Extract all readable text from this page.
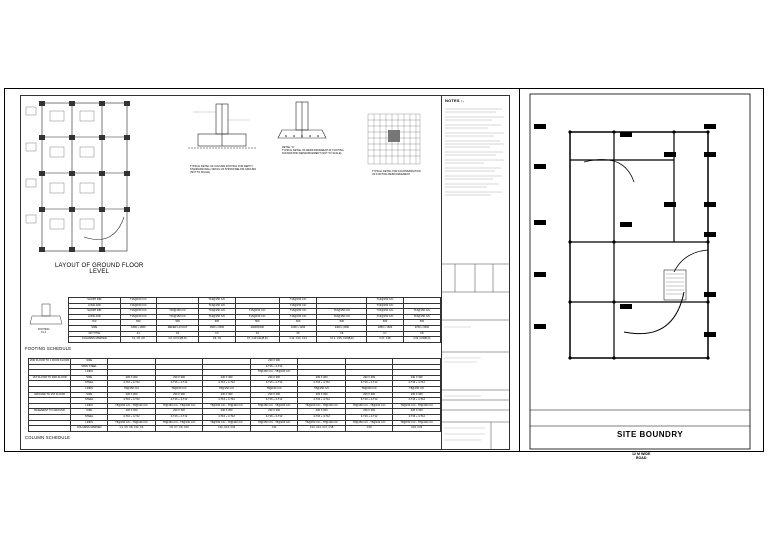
LAYOUT OF GROUND FLOOR
LEVEL
TYPICAL DETAIL OF COLUMN FOOTING FOR DEPTH
STANDARD WALL DETAIL OF SHOWN BELOW GROUND
(NOT TO SCALE)
DETAIL "A"
TYPICAL DETAIL OF REINFORCEMENT AT FOOTING
FOUNDATION REINFORCEMENT (NOT TO SCALE)
TYPICAL DETAIL FOR ACCOMMODATION
OF FOOTING REINFORCEMENT
NOTES :-
FOOTING
F1-1
SHORT DIR	T16@150 C/C		T16@150 C/C		T16@150 C/C		T16@150 C/C	
LONG DIR	T16@150 C/C		T16@150 C/C		T16@150 C/C		T16@150 C/C	
SHORT DIR	T16@150 C/C	T16@150 C/C	T16@150 C/C	T16@150 C/C	T16@150 C/C	T16@150 C/C	T16@150 C/C	T16@150 C/C
LONG DIR	T16@150 C/C	T16@150 C/C	T16@150 C/C	T16@150 C/C	T16@150 C/C	T16@150 C/C	T16@150 C/C	T16@150 C/C
D/d	600	500	600	500	600	500	600	500
SIZE	1800 x 1800	REFER LAYOUT	1500 x 1500	2400X1500	1200 x 1200	2400 x 1500	1800 x 1500	2700 x 1500
NO TYPE	F1	F2	F3	F4	F5	F6	F7	F8
COLUMNS MARKED	C1, C5, C8	C2, C3 C4(B,D)	C6, C9	C7, C10 C11(B,D)	C12, C13, C14	C1.1, C15, C16(B,D)	C17, C18	C19, C20(B,D)
FOOTING SCHEDULE
2ND FLOOR TO 1 ROOF FLOOR	SIZE				230 X 300			
	MAIN STEEL				4-T16 + 4-T12			
	LINKS				T8@150 C/C - T8@100 C/C			
1ST FLOOR TO 2ND FLOOR	SIZE	230 X 300	230 X 300	230 X 300	230 X 300	230 X 300	230 X 300	230 X 300
	STEEL	4-T16 + 4-T12	4-T16 + 4-T12	4-T16 + 4-T12	4-T16 + 4-T12	4-T16 + 4-T12	4-T16 + 4-T12	4-T16 + 4-T12
	LINKS	T8@150 C/C	T8@150 C/C	T8@150 C/C	T8@150 C/C	T8@150 C/C	T8@150 C/C	T8@150 C/C
GROUND TO 1ST FLOOR	SIZE	230 X 300	230 X 300	230 X 300	230 X 300	230 X 300	230 X 300	230 X 300
	STEEL	4-T16 + 4-T12	4-T16 + 4-T12	4-T16 + 4-T12	4-T16 + 4-T12	4-T16 + 4-T12	4-T16 + 4-T12	4-T16 + 4-T12
	LINKS	T8@150 C/C - T8@100 C/C	T8@150 C/C - T8@100 C/C	T8@150 C/C - T8@100 C/C	T8@150 C/C - T8@100 C/C	T8@150 C/C - T8@100 C/C	T8@150 C/C - T8@100 C/C	T8@150 C/C - T8@100 C/C
BASEMENT TO GROUND	SIZE	230 X 300	230 X 300	230 X 300	230 X 300	230 X 300	230 X 300	230 X 300
	STEEL	4-T16 + 4-T12	4-T16 + 4-T12	4-T16 + 4-T12	4-T16 + 4-T12	4-T16 + 4-T12	4-T16 + 4-T12	4-T16 + 4-T12
	LINKS	T8@150 C/C - T8@100 C/C	T8@150 C/C - T8@100 C/C	T8@150 C/C - T8@100 C/C	T8@150 C/C - T8@100 C/C	T8@150 C/C - T8@100 C/C	T8@150 C/C - T8@100 C/C	T8@150 C/C - T8@100 C/C
	COLUMNS MARKED	C1, C5, C8, C12, C6	C6, C7, C9, C10	C12, C13, C16	C11	C13, C14, C17, C18	C19	C19, C20
COLUMN SCHEDULE	SITE BOUNDRY
12 M WIDE
ROAD
